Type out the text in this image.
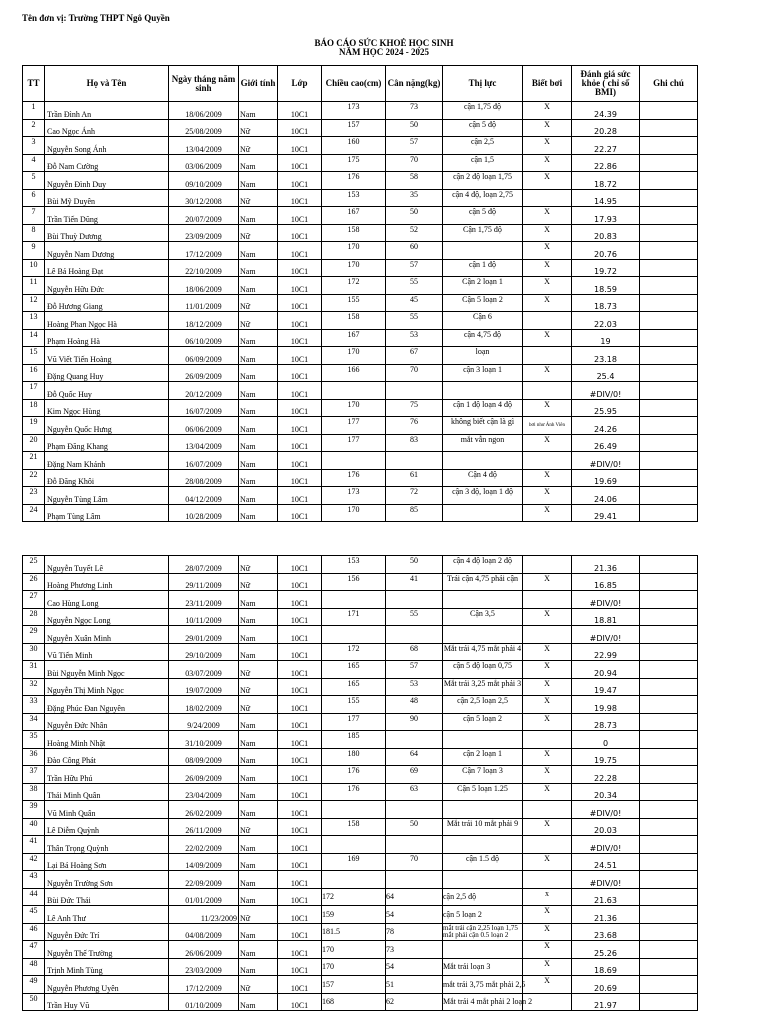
Tên đơn vị: Trường THPT Ngô Quyền
BÁO CÁO SỨC KHOẺ HỌC SINH
NĂM HỌC 2024 - 2025
TT	Họ và Tên	Ngày tháng năm sinh	Giới tính	Lớp	Chiều cao(cm)	Cân nặng(kg)	Thị lực	Biết bơi	Đánh giá sức khỏe ( chỉ số BMI)	Ghi chú
1	Trần Đình An	18/06/2009	Nam	10C1	173	73	cận 1,75 độ	X	24.39	
2	Cao Ngọc Ánh	25/08/2009	Nữ	10C1	157	50	cận 5 độ	X	20.28	
3	Nguyễn Song Ánh	13/04/2009	Nữ	10C1	160	57	cận 2,5	X	22.27	
4	Đỗ Nam Cường	03/06/2009	Nam	10C1	175	70	cận 1,5	X	22.86	
5	Nguyễn Đình Duy	09/10/2009	Nam	10C1	176	58	cận 2 độ loạn 1,75	X	18.72	
6	Bùi Mỹ Duyên	30/12/2008	Nữ	10C1	153	35	cận 4 độ, loạn 2,75		14.95	
7	Trần Tiến Dũng	20/07/2009	Nam	10C1	167	50	cận 5 độ	X	17.93	
8	Bùi Thuỳ Dương	23/09/2009	Nữ	10C1	158	52	Cận 1,75 độ	X	20.83	
9	Nguyễn Nam Dương	17/12/2009	Nam	10C1	170	60		X	20.76	
10	Lê Bá Hoàng Đạt	22/10/2009	Nam	10C1	170	57	cận 1 độ	X	19.72	
11	Nguyễn Hữu Đức	18/06/2009	Nam	10C1	172	55	Cận 2 loạn 1	X	18.59	
12	Đỗ Hương Giang	11/01/2009	Nữ	10C1	155	45	Cận 5 loạn 2	X	18.73	
13	Hoàng Phan Ngọc Hà	18/12/2009	Nữ	10C1	158	55	Cận 6		22.03	
14	Phạm Hoàng Hà	06/10/2009	Nam	10C1	167	53	cận 4,75 độ	X	19	
15	Vũ Viết Tiến Hoàng	06/09/2009	Nam	10C1	170	67	loạn		23.18	
16	Đặng Quang Huy	26/09/2009	Nam	10C1	166	70	cận 3 loạn 1	X	25.4	
17	Đỗ Quốc Huy	20/12/2009	Nam	10C1					#DIV/0!	
18	Kim Ngọc Hùng	16/07/2009	Nam	10C1	170	75	cận 1 độ loạn 4 độ	X	25.95	
19	Nguyễn Quốc Hưng	06/06/2009	Nam	10C1	177	76	không biết cận là gì	bơi như Ánh Viên	24.26	
20	Phạm Đăng Khang	13/04/2009	Nam	10C1	177	83	mắt vẫn ngon	X	26.49	
21	Đặng Nam Khánh	16/07/2009	Nam	10C1					#DIV/0!	
22	Đỗ Đăng Khôi	28/08/2009	Nam	10C1	176	61	Cận 4 độ	X	19.69	
23	Nguyễn Tùng Lâm	04/12/2009	Nam	10C1	173	72	cận 3 độ, loạn 1 độ	X	24.06	
24	Phạm Tùng Lâm	10/28/2009	Nam	10C1	170	85		X	29.41	
25	Nguyễn Tuyết Lê	28/07/2009	Nữ	10C1	153	50	cận 4 độ loạn 2 độ		21.36	
26	Hoàng Phương Linh	29/11/2009	Nữ	10C1	156	41	Trái cận 4,75 phải cận	X	16.85	
27	Cao Hùng Long	23/11/2009	Nam	10C1					#DIV/0!	
28	Nguyễn Ngọc Long	10/11/2009	Nam	10C1	171	55	Cận 3,5	X	18.81	
29	Nguyễn Xuân Minh	29/01/2009	Nam	10C1					#DIV/0!	
30	Vũ Tiến Minh	29/10/2009	Nam	10C1	172	68	Mắt trái 4,75 mắt phải 4	X	22.99	
31	Bùi Nguyễn Minh Ngọc	03/07/2009	Nữ	10C1	165	57	cận 5 độ loạn 0,75	X	20.94	
32	Nguyễn Thị Minh Ngọc	19/07/2009	Nữ	10C1	165	53	Mắt trái 3,25 mắt phải 3	X	19.47	
33	Đặng Phúc Đan Nguyên	18/02/2009	Nữ	10C1	155	48	cận 2,5 loạn 2,5	X	19.98	
34	Nguyễn Đức Nhân	9/24/2009	Nam	10C1	177	90	cận 5 loạn 2	X	28.73	
35	Hoàng Minh Nhật	31/10/2009	Nam	10C1	185				0	
36	Đào Công Phát	08/09/2009	Nam	10C1	180	64	cận 2 loạn 1	X	19.75	
37	Trần Hữu Phú	26/09/2009	Nam	10C1	176	69	Cận 7 loạn 3	X	22.28	
38	Thái Minh Quân	23/04/2009	Nam	10C1	176	63	Cận 5 loạn 1.25	X	20.34	
39	Vũ Minh Quân	26/02/2009	Nam	10C1					#DIV/0!	
40	Lê Diễm Quỳnh	26/11/2009	Nữ	10C1	158	50	Mắt trái 10 mắt phải 9	X	20.03	
41	Thân Trọng Quỳnh	22/02/2009	Nam	10C1					#DIV/0!	
42	Lại Bá Hoàng Sơn	14/09/2009	Nam	10C1	169	70	cận 1.5 độ	X	24.51	
43	Nguyễn Trường Sơn	22/09/2009	Nam	10C1					#DIV/0!	
44	Bùi Đức Thái	01/01/2009	Nam	10C1	172	64	cận 2,5 độ	x	21.63	
45	Lê Anh Thư	11/23/2009	Nữ	10C1	159	54	cận 5 loạn 2	X	21.36	
46	Nguyễn Đức Trí	04/08/2009	Nam	10C1	181.5	78	mắt trái cận 2,25 loạn 1,75 mắt phải cận 0.5 loạn 2	X	23.68	
47	Nguyễn Thế Trường	26/06/2009	Nam	10C1	170	73		X	25.26	
48	Trịnh Minh Tùng	23/03/2009	Nam	10C1	170	54	Mắt trái loạn 3	X	18.69	
49	Nguyễn Phương Uyên	17/12/2009	Nữ	10C1	157	51	mắt trái 3,75 mắt phải 2,5	X	20.69	
50	Trần Huy Vũ	01/10/2009	Nam	10C1	168	62	Mắt trái 4 mắt phải 2 loạn 2		21.97	
